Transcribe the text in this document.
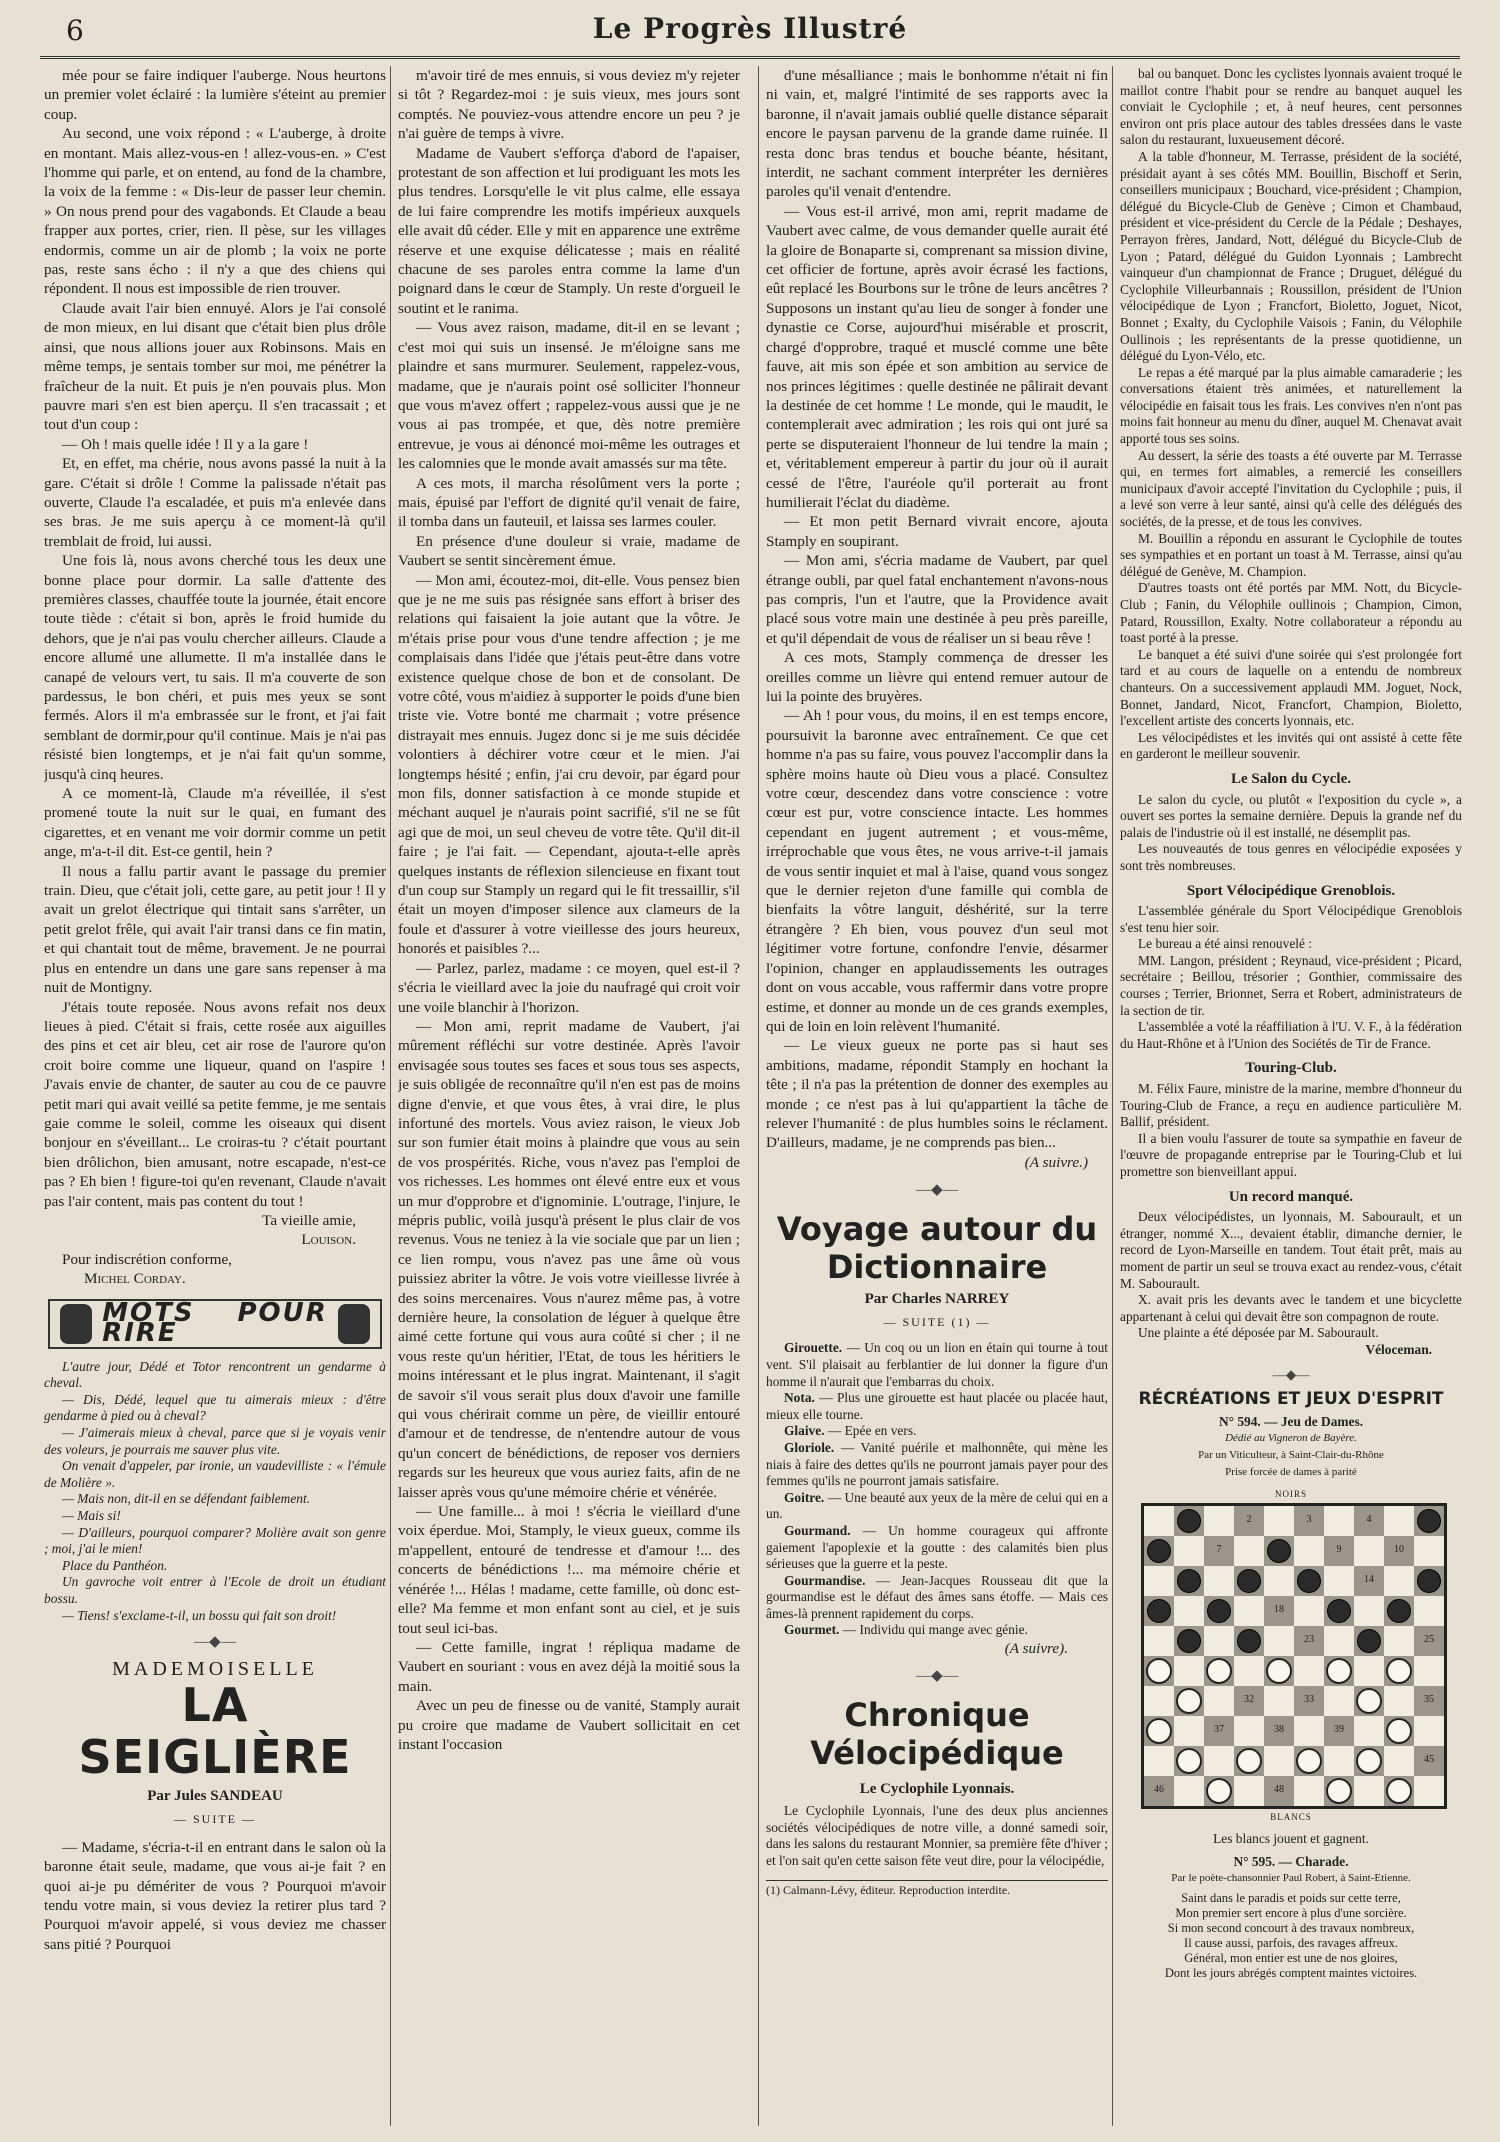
6	Le Progrès Illustré

mée pour se faire indiquer l'auberge. Nous heurtons un premier volet éclairé : la lumière s'éteint au premier coup.

Au second, une voix répond : « L'auberge, à droite en montant. Mais allez-vous-en ! allez-vous-en. » C'est l'homme qui parle, et on entend, au fond de la chambre, la voix de la femme : « Dis-leur de passer leur chemin. » On nous prend pour des vagabonds. Et Claude a beau frapper aux portes, crier, rien. Il pèse, sur les villages endormis, comme un air de plomb ; la voix ne porte pas, reste sans écho : il n'y a que des chiens qui répondent. Il nous est impossible de rien trouver.

Claude avait l'air bien ennuyé. Alors je l'ai consolé de mon mieux, en lui disant que c'était bien plus drôle ainsi, que nous allions jouer aux Robinsons. Mais en même temps, je sentais tomber sur moi, me pénétrer la fraîcheur de la nuit. Et puis je n'en pouvais plus. Mon pauvre mari s'en est bien aperçu. Il s'en tracassait ; et tout d'un coup :

— Oh ! mais quelle idée ! Il y a la gare !

Et, en effet, ma chérie, nous avons passé la nuit à la gare. C'était si drôle ! Comme la palissade n'était pas ouverte, Claude l'a escaladée, et puis m'a enlevée dans ses bras. Je me suis aperçu à ce moment-là qu'il tremblait de froid, lui aussi.

Une fois là, nous avons cherché tous les deux une bonne place pour dormir. La salle d'attente des premières classes, chauffée toute la journée, était encore toute tiède : c'était si bon, après le froid humide du dehors, que je n'ai pas voulu chercher ailleurs. Claude a encore allumé une allumette. Il m'a installée dans le canapé de velours vert, tu sais. Il m'a couverte de son pardessus, le bon chéri, et puis mes yeux se sont fermés. Alors il m'a embrassée sur le front, et j'ai fait semblant de dormir,pour qu'il continue. Mais je n'ai pas résisté bien longtemps, et je n'ai fait qu'un somme, jusqu'à cinq heures.

A ce moment-là, Claude m'a réveillée, il s'est promené toute la nuit sur le quai, en fumant des cigarettes, et en venant me voir dormir comme un petit ange, m'a-t-il dit. Est-ce gentil, hein ?

Il nous a fallu partir avant le passage du premier train. Dieu, que c'était joli, cette gare, au petit jour ! Il y avait un grelot électrique qui tintait sans s'arrêter, un petit grelot frêle, qui avait l'air transi dans ce fin matin, et qui chantait tout de même, bravement. Je ne pourrai plus en entendre un dans une gare sans repenser à ma nuit de Montigny.

J'étais toute reposée. Nous avons refait nos deux lieues à pied. C'était si frais, cette rosée aux aiguilles des pins et cet air bleu, cet air rose de l'aurore qu'on croit boire comme une liqueur, quand on l'aspire ! J'avais envie de chanter, de sauter au cou de ce pauvre petit mari qui avait veillé sa petite femme, je me sentais gaie comme le soleil, comme les oiseaux qui disent bonjour en s'éveillant... Le croiras-tu ? c'était pourtant bien drôlichon, bien amusant, notre escapade, n'est-ce pas ? Eh bien ! figure-toi qu'en revenant, Claude n'avait pas l'air content, mais pas content du tout !

Ta vieille amie,

Louison.

Pour indiscrétion conforme,

Michel Corday.

MOTS POUR RIRE

L'autre jour, Dédé et Totor rencontrent un gendarme à cheval.

— Dis, Dédé, lequel que tu aimerais mieux : d'être gendarme à pied ou à cheval?

— J'aimerais mieux à cheval, parce que si je voyais venir des voleurs, je pourrais me sauver plus vite.

On venait d'appeler, par ironie, un vaudevilliste : « l'émule de Molière ».

— Mais non, dit-il en se défendant faiblement.

— Mais si!

— D'ailleurs, pourquoi comparer? Molière avait son genre ; moi, j'ai le mien!

Place du Panthéon.

Un gavroche voit entrer à l'Ecole de droit un étudiant bossu.

— Tiens! s'exclame-t-il, un bossu qui fait son droit!

—◆—
MADEMOISELLE
LA SEIGLIÈRE
Par Jules SANDEAU
— SUITE —

— Madame, s'écria-t-il en entrant dans le salon où la baronne était seule, madame, que vous ai-je fait ? en quoi ai-je pu démériter de vous ? Pourquoi m'avoir tendu votre main, si vous deviez la retirer plus tard ? Pourquoi m'avoir appelé, si vous deviez me chasser sans pitié ? Pourquoi

m'avoir tiré de mes ennuis, si vous deviez m'y rejeter si tôt ? Regardez-moi : je suis vieux, mes jours sont comptés. Ne pouviez-vous attendre encore un peu ? je n'ai guère de temps à vivre.

Madame de Vaubert s'efforça d'abord de l'apaiser, protestant de son affection et lui prodiguant les mots les plus tendres. Lorsqu'elle le vit plus calme, elle essaya de lui faire comprendre les motifs impérieux auxquels elle avait dû céder. Elle y mit en apparence une extrême réserve et une exquise délicatesse ; mais en réalité chacune de ses paroles entra comme la lame d'un poignard dans le cœur de Stamply. Un reste d'orgueil le soutint et le ranima.

— Vous avez raison, madame, dit-il en se levant ; c'est moi qui suis un insensé. Je m'éloigne sans me plaindre et sans murmurer. Seulement, rappelez-vous, madame, que je n'aurais point osé solliciter l'honneur que vous m'avez offert ; rappelez-vous aussi que je ne vous ai pas trompée, et que, dès notre première entrevue, je vous ai dénoncé moi-même les outrages et les calomnies que le monde avait amassés sur ma tête.

A ces mots, il marcha résolûment vers la porte ; mais, épuisé par l'effort de dignité qu'il venait de faire, il tomba dans un fauteuil, et laissa ses larmes couler.

En présence d'une douleur si vraie, madame de Vaubert se sentit sincèrement émue.

— Mon ami, écoutez-moi, dit-elle. Vous pensez bien que je ne me suis pas résignée sans effort à briser des relations qui faisaient la joie autant que la vôtre. Je m'étais prise pour vous d'une tendre affection ; je me complaisais dans l'idée que j'étais peut-être dans votre existence quelque chose de bon et de consolant. De votre côté, vous m'aidiez à supporter le poids d'une bien triste vie. Votre bonté me charmait ; votre présence distrayait mes ennuis. Jugez donc si je me suis décidée volontiers à déchirer votre cœur et le mien. J'ai longtemps hésité ; enfin, j'ai cru devoir, par égard pour mon fils, donner satisfaction à ce monde stupide et méchant auquel je n'aurais point sacrifié, s'il ne se fût agi que de moi, un seul cheveu de votre tête. Qu'il dit-il faire ; je l'ai fait. — Cependant, ajouta-t-elle après quelques instants de réflexion silencieuse en fixant tout d'un coup sur Stamply un regard qui le fit tressaillir, s'il était un moyen d'imposer silence aux clameurs de la foule et d'assurer à votre vieillesse des jours heureux, honorés et paisibles ?...

— Parlez, parlez, madame : ce moyen, quel est-il ? s'écria le vieillard avec la joie du naufragé qui croit voir une voile blanchir à l'horizon.

— Mon ami, reprit madame de Vaubert, j'ai mûrement réfléchi sur votre destinée. Après l'avoir envisagée sous toutes ses faces et sous tous ses aspects, je suis obligée de reconnaître qu'il n'en est pas de moins digne d'envie, et que vous êtes, à vrai dire, le plus infortuné des mortels. Vous aviez raison, le vieux Job sur son fumier était moins à plaindre que vous au sein de vos prospérités. Riche, vous n'avez pas l'emploi de vos richesses. Les hommes ont élevé entre eux et vous un mur d'opprobre et d'ignominie. L'outrage, l'injure, le mépris public, voilà jusqu'à présent le plus clair de vos revenus. Vous ne teniez à la vie sociale que par un lien ; ce lien rompu, vous n'avez pas une âme où vous puissiez abriter la vôtre. Je vois votre vieillesse livrée à des soins mercenaires. Vous n'aurez même pas, à votre dernière heure, la consolation de léguer à quelque être aimé cette fortune qui vous aura coûté si cher ; il ne vous reste qu'un héritier, l'Etat, de tous les héritiers le moins intéressant et le plus ingrat. Maintenant, il s'agit de savoir s'il vous serait plus doux d'avoir une famille qui vous chérirait comme un père, de vieillir entouré d'amour et de tendresse, de n'entendre autour de vous qu'un concert de bénédictions, de reposer vos derniers regards sur les heureux que vous auriez faits, afin de ne laisser après vous qu'une mémoire chérie et vénérée.

— Une famille... à moi ! s'écria le vieillard d'une voix éperdue. Moi, Stamply, le vieux gueux, comme ils m'appellent, entouré de tendresse et d'amour !... des concerts de bénédictions !... ma mémoire chérie et vénérée !... Hélas ! madame, cette famille, où donc est-elle? Ma femme et mon enfant sont au ciel, et je suis tout seul ici-bas.

— Cette famille, ingrat ! répliqua madame de Vaubert en souriant : vous en avez déjà la moitié sous la main.

Avec un peu de finesse ou de vanité, Stamply aurait pu croire que madame de Vaubert sollicitait en cet instant l'occasion

d'une mésalliance ; mais le bonhomme n'était ni fin ni vain, et, malgré l'intimité de ses rapports avec la baronne, il n'avait jamais oublié quelle distance séparait encore le paysan parvenu de la grande dame ruinée. Il resta donc bras tendus et bouche béante, hésitant, interdit, ne sachant comment interpréter les dernières paroles qu'il venait d'entendre.

— Vous est-il arrivé, mon ami, reprit madame de Vaubert avec calme, de vous demander quelle aurait été la gloire de Bonaparte si, comprenant sa mission divine, cet officier de fortune, après avoir écrasé les factions, eût replacé les Bourbons sur le trône de leurs ancêtres ? Supposons un instant qu'au lieu de songer à fonder une dynastie ce Corse, aujourd'hui misérable et proscrit, chargé d'opprobre, traqué et musclé comme une bête fauve, ait mis son épée et son ambition au service de nos princes légitimes : quelle destinée ne pâlirait devant la destinée de cet homme ! Le monde, qui le maudit, le contemplerait avec admiration ; les rois qui ont juré sa perte se disputeraient l'honneur de lui tendre la main ; et, véritablement empereur à partir du jour où il aurait cessé de l'être, l'auréole qu'il porterait au front humilierait l'éclat du diadème.

— Et mon petit Bernard vivrait encore, ajouta Stamply en soupirant.

— Mon ami, s'écria madame de Vaubert, par quel étrange oubli, par quel fatal enchantement n'avons-nous pas compris, l'un et l'autre, que la Providence avait placé sous votre main une destinée à peu près pareille, et qu'il dépendait de vous de réaliser un si beau rêve !

A ces mots, Stamply commença de dresser les oreilles comme un lièvre qui entend remuer autour de lui la pointe des bruyères.

— Ah ! pour vous, du moins, il en est temps encore, poursuivit la baronne avec entraînement. Ce que cet homme n'a pas su faire, vous pouvez l'accomplir dans la sphère moins haute où Dieu vous a placé. Consultez votre cœur, descendez dans votre conscience : votre cœur est pur, votre conscience intacte. Les hommes cependant en jugent autrement ; et vous-même, irréprochable que vous êtes, ne vous arrive-t-il jamais de vous sentir inquiet et mal à l'aise, quand vous songez que le dernier rejeton d'une famille qui combla de bienfaits la vôtre languit, déshérité, sur la terre étrangère ? Eh bien, vous pouvez d'un seul mot légitimer votre fortune, confondre l'envie, désarmer l'opinion, changer en applaudissements les outrages dont on vous accable, vous raffermir dans votre propre estime, et donner au monde un de ces grands exemples, qui de loin en loin relèvent l'humanité.

— Le vieux gueux ne porte pas si haut ses ambitions, madame, répondit Stamply en hochant la tête ; il n'a pas la prétention de donner des exemples au monde ; ce n'est pas à lui qu'appartient la tâche de relever l'humanité : de plus humbles soins le réclament. D'ailleurs, madame, je ne comprends pas bien...

(A suivre.)

—◆—
Voyage autour du Dictionnaire
Par Charles NARREY
— SUITE (1) —

Girouette. — Un coq ou un lion en étain qui tourne à tout vent. S'il plaisait au ferblantier de lui donner la figure d'un homme il n'aurait que l'embarras du choix.

Nota. — Plus une girouette est haut placée ou placée haut, mieux elle tourne.

Glaive. — Epée en vers.

Gloriole. — Vanité puérile et malhonnête, qui mène les niais à faire des dettes qu'ils ne pourront jamais payer pour des femmes qu'ils ne pourront jamais satisfaire.

Goitre. — Une beauté aux yeux de la mère de celui qui en a un.

Gourmand. — Un homme courageux qui affronte gaiement l'apoplexie et la goutte : des calamités bien plus sérieuses que la guerre et la peste.

Gourmandise. — Jean-Jacques Rousseau dit que la gourmandise est le défaut des âmes sans étoffe. — Mais ces âmes-là prennent rapidement du corps.

Gourmet. — Individu qui mange avec génie.

(A suivre).

—◆—
Chronique Vélocipédique
Le Cyclophile Lyonnais.

Le Cyclophile Lyonnais, l'une des deux plus anciennes sociétés vélocipédiques de notre ville, a donné samedi soir, dans les salons du restaurant Monnier, sa première fête d'hiver ; et l'on sait qu'en cette saison fête veut dire, pour la vélocipédie,

(1) Calmann-Lévy, éditeur. Reproduction interdite.

bal ou banquet. Donc les cyclistes lyonnais avaient troqué le maillot contre l'habit pour se rendre au banquet auquel les conviait le Cyclophile ; et, à neuf heures, cent personnes environ ont pris place autour des tables dressées dans le vaste salon du restaurant, luxueusement décoré.

A la table d'honneur, M. Terrasse, président de la société, présidait ayant à ses côtés MM. Bouillin, Bischoff et Serin, conseillers municipaux ; Bouchard, vice-président ; Champion, délégué du Bicycle-Club de Genève ; Cimon et Chambaud, président et vice-président du Cercle de la Pédale ; Deshayes, Perrayon frères, Jandard, Nott, délégué du Bicycle-Club de Lyon ; Patard, délégué du Guidon Lyonnais ; Lambrecht vainqueur d'un championnat de France ; Druguet, délégué du Cyclophile Villeurbannais ; Roussillon, président de l'Union vélocipédique de Lyon ; Francfort, Bioletto, Joguet, Nicot, Bonnet ; Exalty, du Cyclophile Vaisois ; Fanin, du Vélophile Oullinois ; les représentants de la presse quotidienne, un délégué du Lyon-Vélo, etc.

Le repas a été marqué par la plus aimable camaraderie ; les conversations étaient très animées, et naturellement la vélocipédie en faisait tous les frais. Les convives n'en n'ont pas moins fait honneur au menu du dîner, auquel M. Chenavat avait apporté tous ses soins.

Au dessert, la série des toasts a été ouverte par M. Terrasse qui, en termes fort aimables, a remercié les conseillers municipaux d'avoir accepté l'invitation du Cyclophile ; puis, il a levé son verre à leur santé, ainsi qu'à celle des délégués des sociétés, de la presse, et de tous les convives.

M. Bouillin a répondu en assurant le Cyclophile de toutes ses sympathies et en portant un toast à M. Terrasse, ainsi qu'au délégué de Genève, M. Champion.

D'autres toasts ont été portés par MM. Nott, du Bicycle-Club ; Fanin, du Vélophile oullinois ; Champion, Cimon, Patard, Roussillon, Exalty. Notre collaborateur a répondu au toast porté à la presse.

Le banquet a été suivi d'une soirée qui s'est prolongée fort tard et au cours de laquelle on a entendu de nombreux chanteurs. On a successivement applaudi MM. Joguet, Nock, Bonnet, Jandard, Nicot, Francfort, Champion, Bioletto, l'excellent artiste des concerts lyonnais, etc.

Les vélocipédistes et les invités qui ont assisté à cette fête en garderont le meilleur souvenir.

Le Salon du Cycle.

Le salon du cycle, ou plutôt « l'exposition du cycle », a ouvert ses portes la semaine dernière. Depuis la grande nef du palais de l'industrie où il est installé, ne désemplit pas.

Les nouveautés de tous genres en vélocipédie exposées y sont très nombreuses.

Sport Vélocipédique Grenoblois.

L'assemblée générale du Sport Vélocipédique Grenoblois s'est tenu hier soir.

Le bureau a été ainsi renouvelé :

MM. Langon, président ; Reynaud, vice-président ; Picard, secrétaire ; Beillou, trésorier ; Gonthier, commissaire des courses ; Terrier, Brionnet, Serra et Robert, administrateurs de la section de tir.

L'assemblée a voté la réaffiliation à l'U. V. F., à la fédération du Haut-Rhône et à l'Union des Sociétés de Tir de France.

Touring-Club.

M. Félix Faure, ministre de la marine, membre d'honneur du Touring-Club de France, a reçu en audience particulière M. Ballif, président.

Il a bien voulu l'assurer de toute sa sympathie en faveur de l'œuvre de propagande entreprise par le Touring-Club et lui promettre son bienveillant appui.

Un record manqué.

Deux vélocipédistes, un lyonnais, M. Sabourault, et un étranger, nommé X..., devaient établir, dimanche dernier, le record de Lyon-Marseille en tandem. Tout était prêt, mais au moment de partir un seul se trouva exact au rendez-vous, c'était M. Sabourault.

X. avait pris les devants avec le tandem et une bicyclette appartenant à celui qui devait être son compagnon de route.

Une plainte a été déposée par M. Sabourault.

Véloceman.

—◆—
RÉCRÉATIONS ET JEUX D'ESPRIT
N° 594. — Jeu de Dames.
Dédié au Vigneron de Bayère.
Par un Viticulteur, à Saint-Clair-du-Rhône
Prise forcée de dames à parité
NOIRS
2	3	4
7	9	10
14
18
23	25
32	33	35
37	38	39
45
46	48
BLANCS
Les blancs jouent et gagnent.
N° 595. — Charade.
Par le poète-chansonnier Paul Robert, à Saint-Etienne.
Saint dans le paradis et poids sur cette terre,
Mon premier sert encore à plus d'une sorcière.
Si mon second concourt à des travaux nombreux,
Il cause aussi, parfois, des ravages affreux.
Général, mon entier est une de nos gloires,
Dont les jours abrégés comptent maintes victoires.
